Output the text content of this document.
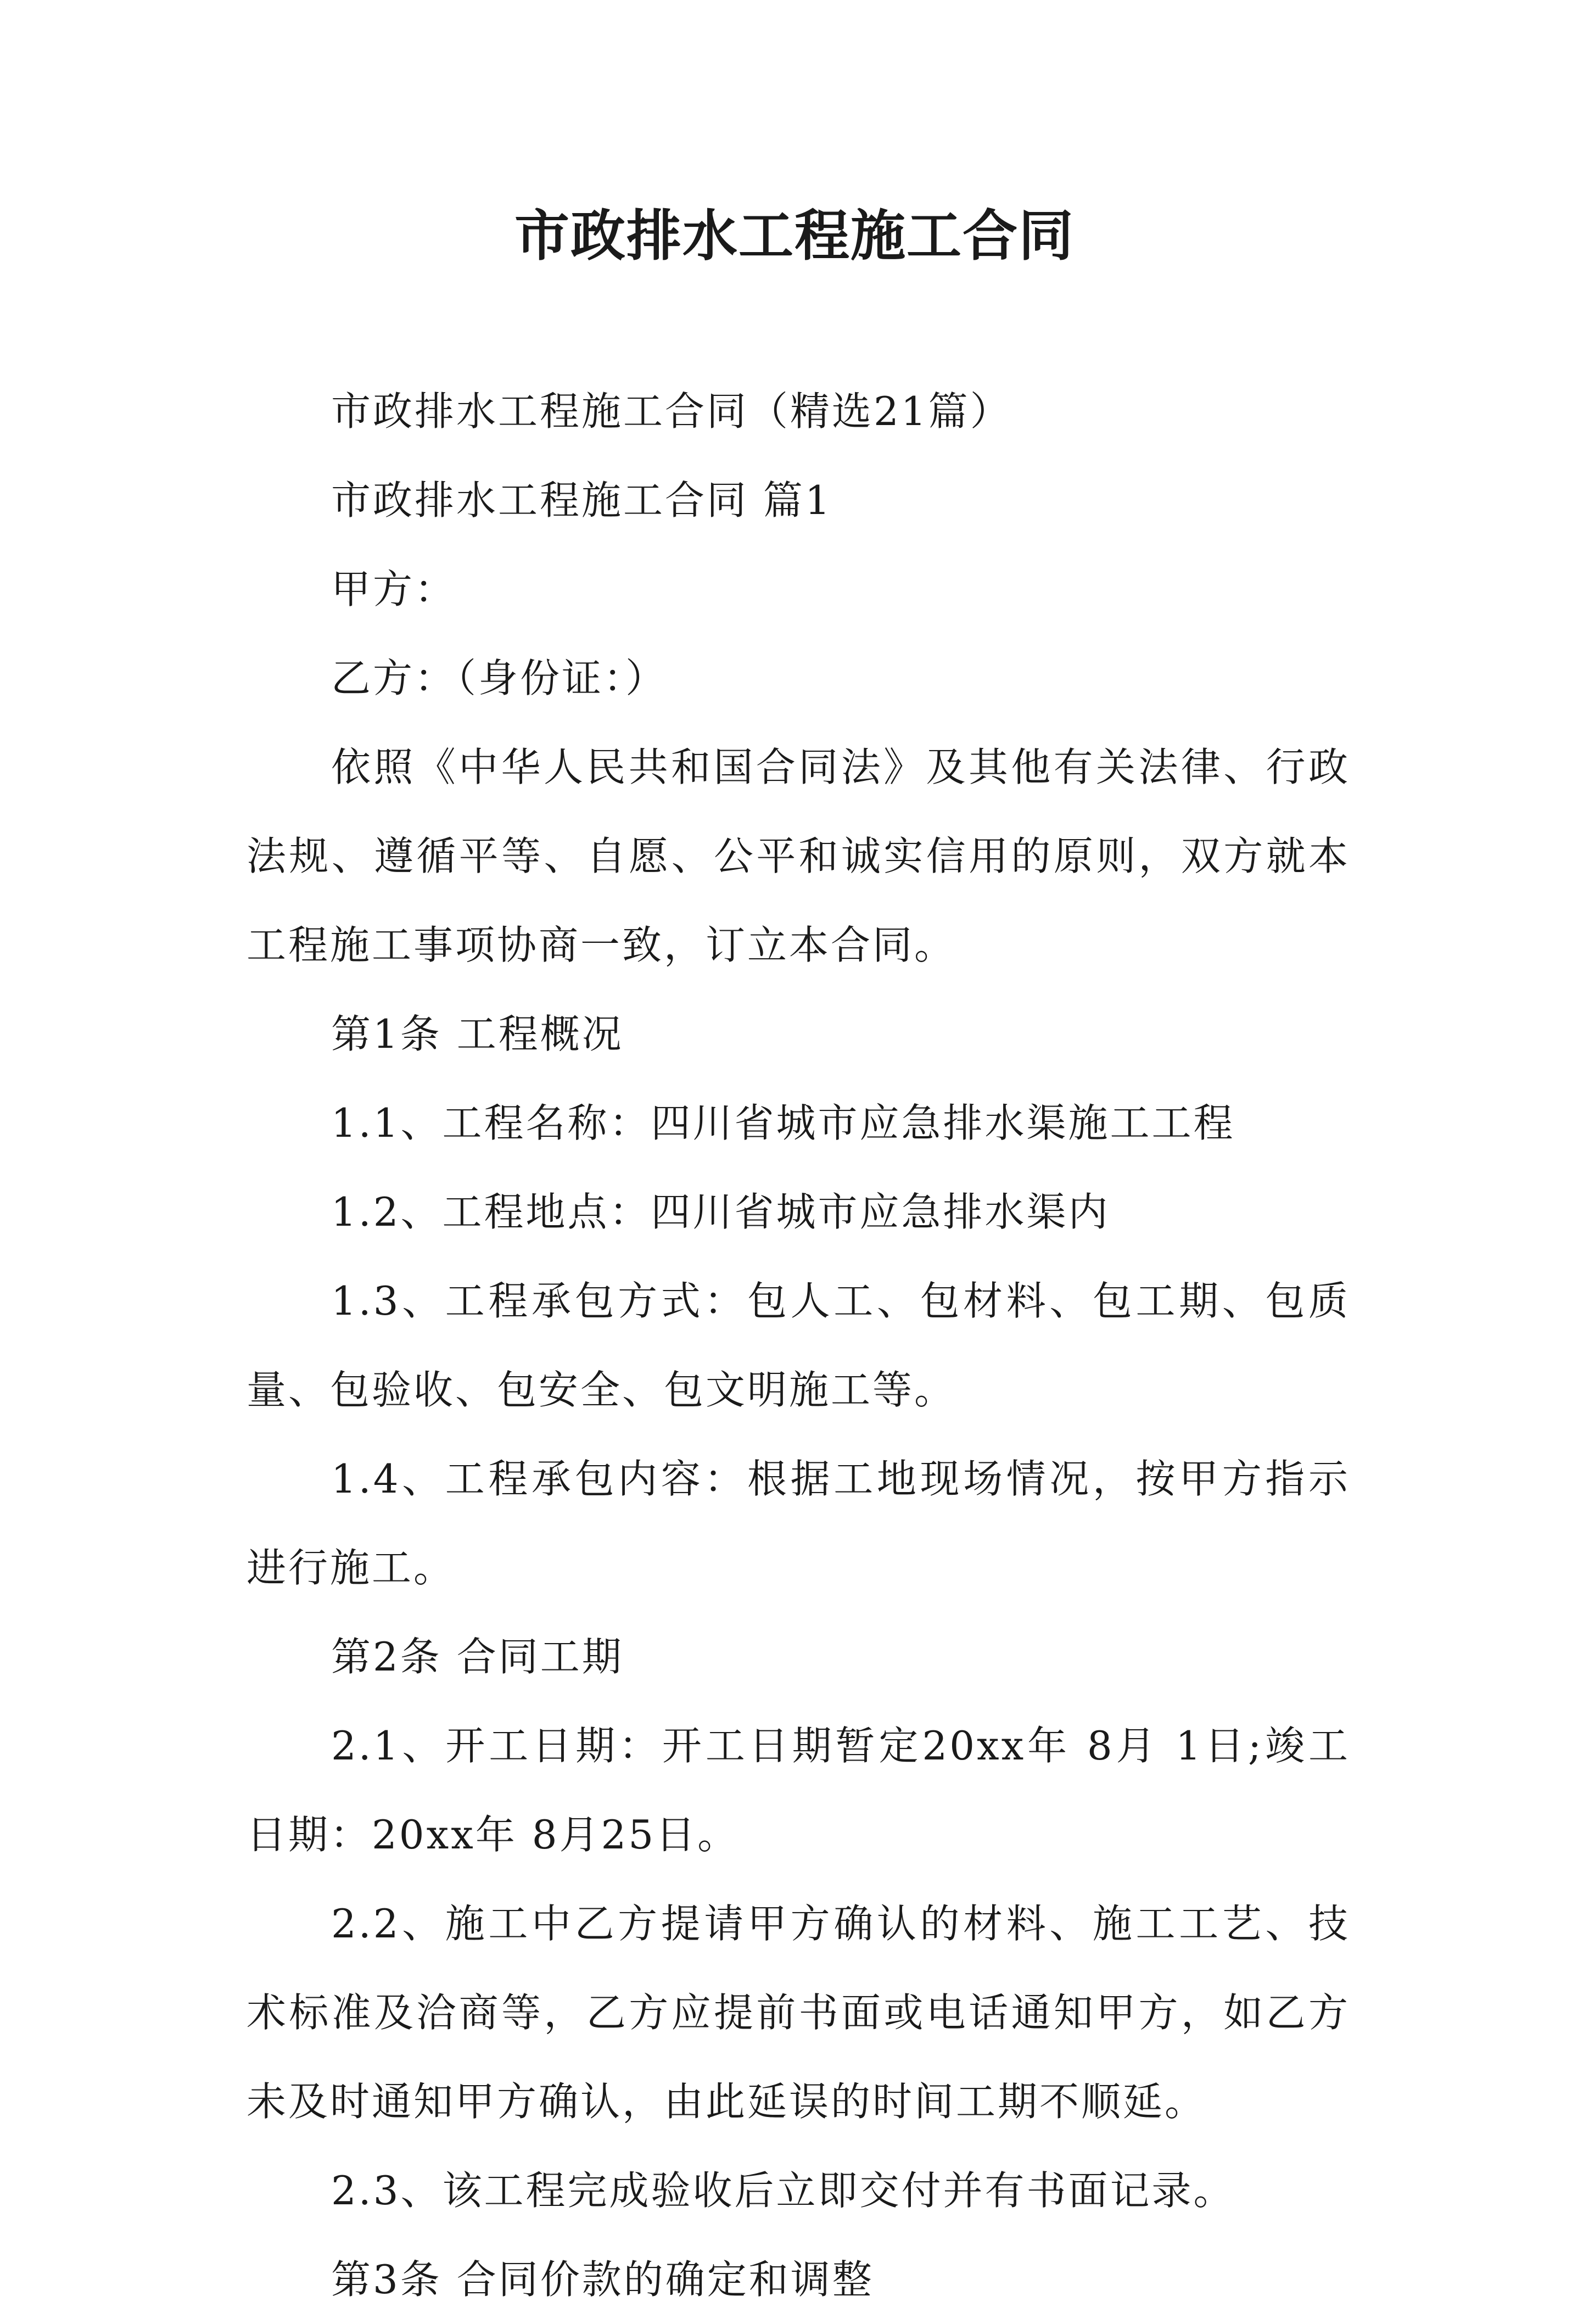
市政排水工程施工合同

市政排水工程施工合同（精选21篇）

市政排水工程施工合同 篇1

甲方：

乙方：（身份证：）

依照《中华人民共和国合同法》及其他有关法律、行政法规、遵循平等、自愿、公平和诚实信用的原则，双方就本工程施工事项协商一致，订立本合同。

第1条 工程概况

1.1、工程名称：四川省城市应急排水渠施工工程

1.2、工程地点：四川省城市应急排水渠内

1.3、工程承包方式：包人工、包材料、包工期、包质量、包验收、包安全、包文明施工等。

1.4、工程承包内容：根据工地现场情况，按甲方指示进行施工。

第2条 合同工期

2.1、开工日期：开工日期暂定20xx年 8月 1日;竣工日期：20xx年 8月25日。

2.2、施工中乙方提请甲方确认的材料、施工工艺、技术标准及洽商等，乙方应提前书面或电话通知甲方，如乙方未及时通知甲方确认，由此延误的时间工期不顺延。

2.3、该工程完成验收后立即交付并有书面记录。

第3条 合同价款的确定和调整
